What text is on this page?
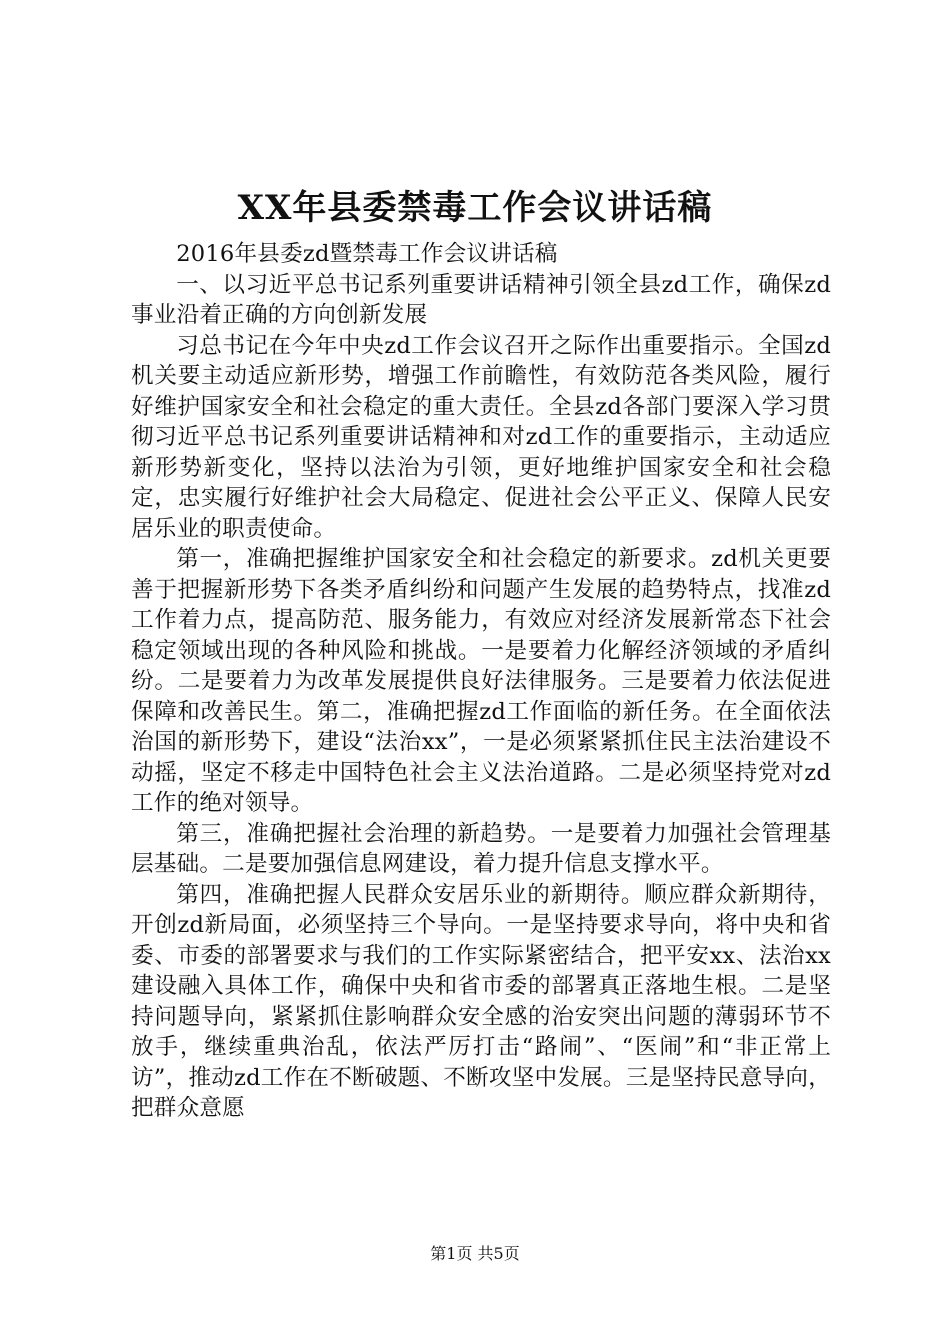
XX年县委禁毒工作会议讲话稿

2016年县委zd暨禁毒工作会议讲话稿

一、以习近平总书记系列重要讲话精神引领全县zd工作，确保zd事业沿着正确的方向创新发展

习总书记在今年中央zd工作会议召开之际作出重要指示。全国zd机关要主动适应新形势，增强工作前瞻性，有效防范各类风险，履行好维护国家安全和社会稳定的重大责任。全县zd各部门要深入学习贯彻习近平总书记系列重要讲话精神和对zd工作的重要指示，主动适应新形势新变化，坚持以法治为引领，更好地维护国家安全和社会稳定，忠实履行好维护社会大局稳定、促进社会公平正义、保障人民安居乐业的职责使命。

第一，准确把握维护国家安全和社会稳定的新要求。zd机关更要善于把握新形势下各类矛盾纠纷和问题产生发展的趋势特点，找准zd工作着力点，提高防范、服务能力，有效应对经济发展新常态下社会稳定领域出现的各种风险和挑战。一是要着力化解经济领域的矛盾纠纷。二是要着力为改革发展提供良好法律服务。三是要着力依法促进保障和改善民生。第二，准确把握zd工作面临的新任务。在全面依法治国的新形势下，建设“法治xx”，一是必须紧紧抓住民主法治建设不动摇，坚定不移走中国特色社会主义法治道路。二是必须坚持党对zd工作的绝对领导。

第三，准确把握社会治理的新趋势。一是要着力加强社会管理基层基础。二是要加强信息网建设，着力提升信息支撑水平。

第四，准确把握人民群众安居乐业的新期待。顺应群众新期待，开创zd新局面，必须坚持三个导向。一是坚持要求导向，将中央和省委、市委的部署要求与我们的工作实际紧密结合，把平安xx、法治xx建设融入具体工作，确保中央和省市委的部署真正落地生根。二是坚持问题导向，紧紧抓住影响群众安全感的治安突出问题的薄弱环节不放手，继续重典治乱，依法严厉打击“路闹”、“医闹”和“非正常上访”，推动zd工作在不断破题、不断攻坚中发展。三是坚持民意导向，把群众意愿

第1页 共5页
